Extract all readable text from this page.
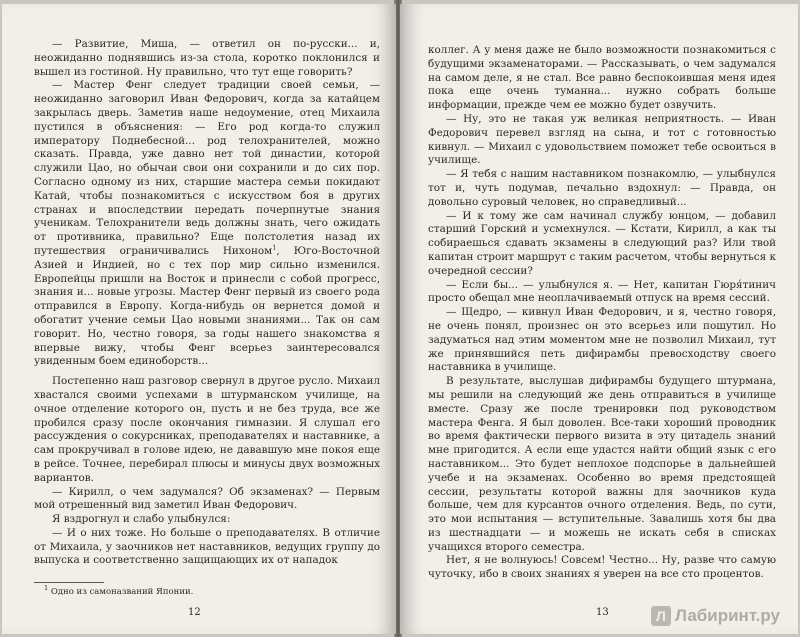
— Развитие, Миша, — ответил он по-русски... и, неожиданно поднявшись из-за стола, коротко поклонился и вышел из гостиной. Ну правильно, что тут еще говорить?

— Мастер Фенг следует традиции своей семьи, — неожиданно заговорил Иван Федорович, когда за катайцем закрылась дверь. Заметив наше недоумение, отец Михаила пустился в объяснения: — Его род когда-то служил императору Поднебесной... род телохранителей, можно сказать. Правда, уже давно нет той династии, которой служили Цао, но обычаи свои они сохранили и до сих пор. Согласно одному из них, старшие мастера семьи покидают Катай, чтобы познакомиться с искусством боя в других странах и впоследствии передать почерпнутые знания ученикам. Телохранители ведь должны знать, чего ожидать от противника, правильно? Еще полстолетия назад их путешествия ограничивались Нихоном$^1$, Юго-Восточной Азией и Индией, но с тех пор мир сильно изменился. Европейцы пришли на Восток и принесли с собой прогресс, знания и... новые угрозы. Мастер Фенг первый из своего рода отправился в Европу. Когда-нибудь он вернется домой и обогатит учение семьи Цао новыми знаниями... Так он сам говорит. Но, честно говоря, за годы нашего знакомства я впервые вижу, чтобы Фенг всерьез заинтересовался увиденным боем единоборств...

Постепенно наш разговор свернул в другое русло. Михаил хвастался своими успехами в штурманском училище, на очное отделение которого он, пусть и не без труда, все же пробился сразу после окончания гимназии. Я слушал его рассуждения о сокурсниках, преподавателях и наставнике, а сам прокручивал в голове идею, не дававшую мне покоя еще в рейсе. Точнее, перебирал плюсы и минусы двух возможных вариантов.

— Кирилл, о чем задумался? Об экзаменах? — Первым мой отрешенный вид заметил Иван Федорович.

Я вздрогнул и слабо улыбнулся:

— И о них тоже. Но больше о преподавателях. В отличие от Михаила, у заочников нет наставников, ведущих группу до выпуска и соответственно защищающих их от нападок

$^1$ Одно из самоназваний Японии.

12

коллег. А у меня даже не было возможности познакомиться с будущими экзаменаторами. — Рассказывать, о чем задумался на самом деле, я не стал. Все равно беспокоившая меня идея пока еще очень туманна... нужно собрать больше информации, прежде чем ее можно будет озвучить.

— Ну, это не такая уж великая неприятность. — Иван Федорович перевел взгляд на сына, и тот с готовностью кивнул. — Михаил с удовольствием поможет тебе освоиться в училище.

— Я тебя с нашим наставником познакомлю, — улыбнулся тот и, чуть подумав, печально вздохнул: — Правда, он довольно суровый человек, но справедливый...

— И к тому же сам начинал службу юнцом, — добавил старший Горский и усмехнулся. — Кстати, Кирилл, а как ты собираешься сдавать экзамены в следующий раз? Или твой капитан строит маршрут с таким расчетом, чтобы вернуться к очередной сессии?

— Если бы... — улыбнулся я. — Нет, капитан Гюря́тинич просто обещал мне неоплачиваемый отпуск на время сессий.

— Щедро, — кивнул Иван Федорович, и я, честно говоря, не очень понял, произнес он это всерьез или пошутил. Но задуматься над этим моментом мне не позволил Михаил, тут же принявшийся петь дифирамбы превосходству своего наставника в училище.

В результате, выслушав дифирамбы будущего штурмана, мы решили на следующий же день отправиться в училище вместе. Сразу же после тренировки под руководством мастера Фенга. Я был доволен. Все-таки хороший проводник во время фактически первого визита в эту цитадель знаний мне пригодится. А если еще удастся найти общий язык с его наставником... Это будет неплохое подспорье в дальнейшей учебе и на экзаменах. Особенно во время предстоящей сессии, результаты которой важны для заочников куда больше, чем для курсантов очного отделения. Ведь, по сути, это мои испытания — вступительные. Завалишь хотя бы два из шестнадцати — и можешь не искать себя в списках учащихся второго семестра.

Нет, я не волнуюсь! Совсем! Честно... Ну, разве что самую чуточку, ибо в своих знаниях я уверен на все сто процентов.

13	Л Лабиринт.ру
